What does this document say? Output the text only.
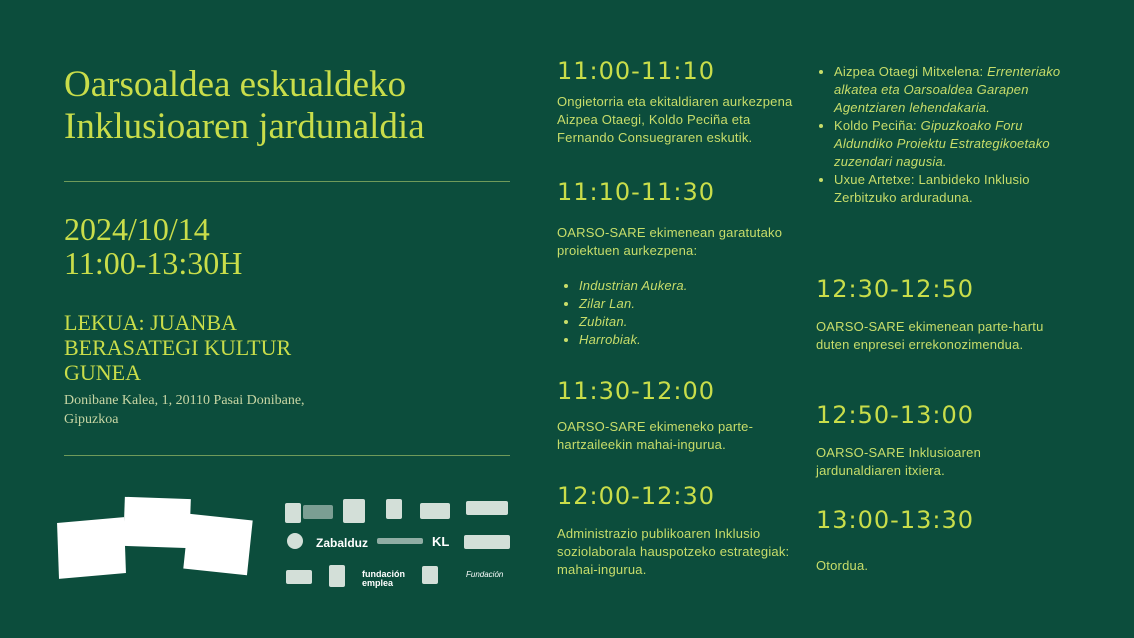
Oarsoaldea eskualdeko Inklusioaren jardunaldia
2024/10/14
11:00-13:30H
LEKUA: JUANBA BERASATEGI KULTUR GUNEA
Donibane Kalea, 1, 20110 Pasai Donibane, Gipuzkoa
Zabalduz	KL
fundación emplea
Fundación
11:00-11:10
Ongietorria eta ekitaldiaren aurkezpena Aizpea Otaegi, Koldo Peciña eta Fernando Consuegraren eskutik.
11:10-11:30
OARSO-SARE ekimenean garatutako proiektuen aurkezpena:
• Industrian Aukera.
• Zilar Lan.
• Zubitan.
• Harrobiak.
11:30-12:00
OARSO-SARE ekimeneko parte-hartzaileekin mahai-ingurua.
12:00-12:30
Administrazio publikoaren Inklusio soziolaborala hauspotzeko estrategiak: mahai-ingurua.
• Aizpea Otaegi Mitxelena: Errenteriako alkatea eta Oarsoaldea Garapen Agentziaren lehendakaria.
• Koldo Peciña: Gipuzkoako Foru Aldundiko Proiektu Estrategikoetako zuzendari nagusia.
• Uxue Artetxe: Lanbideko Inklusio Zerbitzuko arduraduna.
12:30-12:50
OARSO-SARE ekimenean parte-hartu duten enpresei errekonozimendua.
12:50-13:00
OARSO-SARE Inklusioaren jardunaldiaren itxiera.
13:00-13:30
Otordua.
